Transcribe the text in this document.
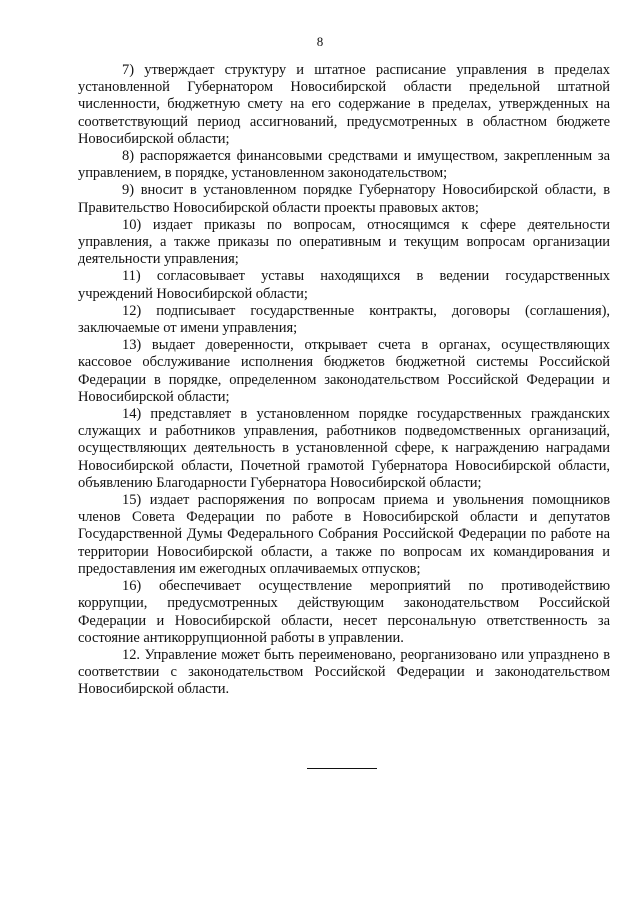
8

7) утверждает структуру и штатное расписание управления в пределах установленной Губернатором Новосибирской области предельной штатной численности, бюджетную смету на его содержание в пределах, утвержденных на соответствующий период ассигнований, предусмотренных в областном бюджете Новосибирской области;

8) распоряжается финансовыми средствами и имуществом, закрепленным за управлением, в порядке, установленном законодательством;

9) вносит в установленном порядке Губернатору Новосибирской области, в Правительство Новосибирской области проекты правовых актов;

10) издает приказы по вопросам, относящимся к сфере деятельности управления, а также приказы по оперативным и текущим вопросам организации деятельности управления;

11) согласовывает уставы находящихся в ведении государственных учреждений Новосибирской области;

12) подписывает государственные контракты, договоры (соглашения), заключаемые от имени управления;

13) выдает доверенности, открывает счета в органах, осуществляющих кассовое обслуживание исполнения бюджетов бюджетной системы Российской Федерации в порядке, определенном законодательством Российской Федерации и Новосибирской области;

14) представляет в установленном порядке государственных гражданских служащих и работников управления, работников подведомственных организаций, осуществляющих деятельность в установленной сфере, к награждению наградами Новосибирской области, Почетной грамотой Губернатора Новосибирской области, объявлению Благодарности Губернатора Новосибирской области;

15) издает распоряжения по вопросам приема и увольнения помощников членов Совета Федерации по работе в Новосибирской области и депутатов Государственной Думы Федерального Собрания Российской Федерации по работе на территории Новосибирской области, а также по вопросам их командирования и предоставления им ежегодных оплачиваемых отпусков;

16) обеспечивает осуществление мероприятий по противодействию коррупции, предусмотренных действующим законодательством Российской Федерации и Новосибирской области, несет персональную ответственность за состояние антикоррупционной работы в управлении.

12. Управление может быть переименовано, реорганизовано или упразднено в соответствии с законодательством Российской Федерации и законодательством Новосибирской области.
